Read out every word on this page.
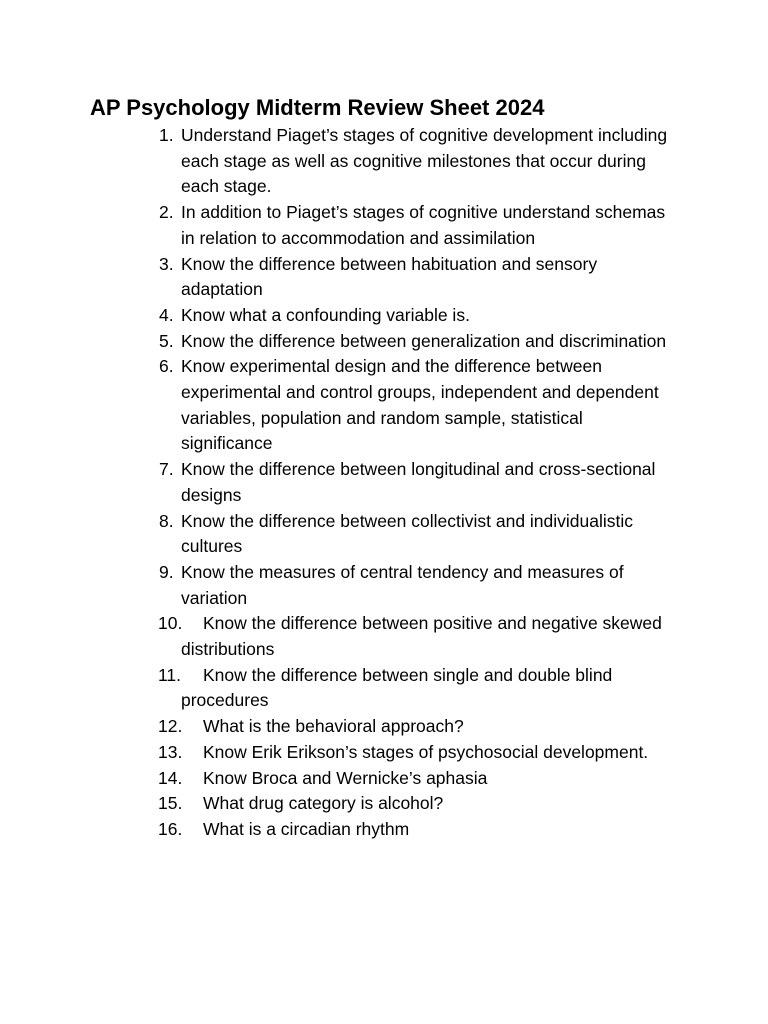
AP Psychology Midterm Review Sheet 2024
1. Understand Piaget’s stages of cognitive development including each stage as well as cognitive milestones that occur during each stage.
2. In addition to Piaget’s stages of cognitive understand schemas in relation to accommodation and assimilation
3. Know the difference between habituation and sensory adaptation
4. Know what a confounding variable is.
5. Know the difference between generalization and discrimination
6. Know experimental design and the difference between experimental and control groups, independent and dependent variables, population and random sample, statistical significance
7. Know the difference between longitudinal and cross-sectional designs
8. Know the difference between collectivist and individualistic cultures
9. Know the measures of central tendency and measures of variation
10.	Know the difference between positive and negative skewed distributions
11.	Know the difference between single and double blind procedures
12.	What is the behavioral approach?
13.	Know Erik Erikson’s stages of psychosocial development.
14.	Know Broca and Wernicke’s aphasia
15.	What drug category is alcohol?
16.	What is a circadian rhythm
